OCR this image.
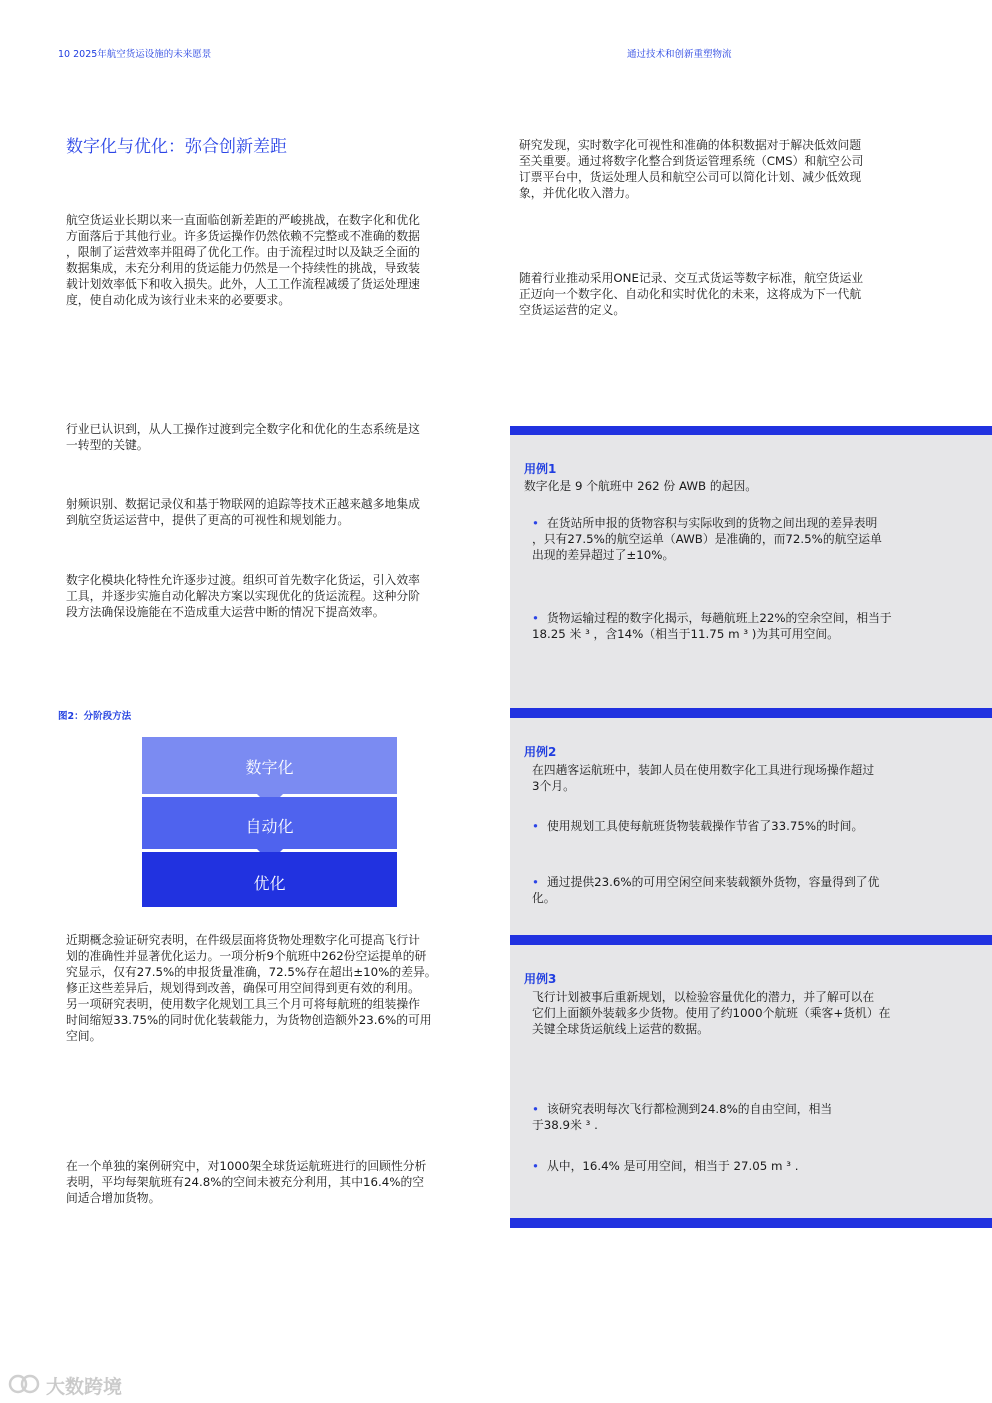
10 2025年航空货运设施的未来愿景	通过技术和创新重塑物流
数字化与优化：弥合创新差距
航空货运业长期以来一直面临创新差距的严峻挑战，在数字化和优化
方面落后于其他行业。许多货运操作仍然依赖不完整或不准确的数据
，限制了运营效率并阻碍了优化工作。由于流程过时以及缺乏全面的
数据集成，未充分利用的货运能力仍然是一个持续性的挑战，导致装
载计划效率低下和收入损失。此外，人工工作流程减缓了货运处理速
度，使自动化成为该行业未来的必要要求。
行业已认识到，从人工操作过渡到完全数字化和优化的生态系统是这
一转型的关键。
射频识别、数据记录仪和基于物联网的追踪等技术正越来越多地集成
到航空货运运营中，提供了更高的可视性和规划能力。
数字化模块化特性允许逐步过渡。组织可首先数字化货运，引入效率
工具，并逐步实施自动化解决方案以实现优化的货运流程。这种分阶
段方法确保设施能在不造成重大运营中断的情况下提高效率。
图2：分阶段方法
数字化
自动化
优化
近期概念验证研究表明，在件级层面将货物处理数字化可提高飞行计
划的准确性并显著优化运力。一项分析9个航班中262份空运提单的研
究显示，仅有27.5%的申报货量准确，72.5%存在超出±10%的差异。
修正这些差异后，规划得到改善，确保可用空间得到更有效的利用。
另一项研究表明，使用数字化规划工具三个月可将每航班的组装操作
时间缩短33.75%的同时优化装载能力，为货物创造额外23.6%的可用
空间。
在一个单独的案例研究中，对1000架全球货运航班进行的回顾性分析
表明，平均每架航班有24.8%的空间未被充分利用，其中16.4%的空
间适合增加货物。
研究发现，实时数字化可视性和准确的体积数据对于解决低效问题
至关重要。通过将数字化整合到货运管理系统（CMS）和航空公司
订票平台中，货运处理人员和航空公司可以简化计划、减少低效现
象，并优化收入潜力。
随着行业推动采用ONE记录、交互式货运等数字标准，航空货运业
正迈向一个数字化、自动化和实时优化的未来，这将成为下一代航
空货运运营的定义。
用例1
数字化是 9 个航班中 262 份 AWB 的起因。
• 在货站所申报的货物容积与实际收到的货物之间出现的差异表明
，只有27.5%的航空运单（AWB）是准确的，而72.5%的航空运单
出现的差异超过了±10%。
• 货物运输过程的数字化揭示，每趟航班上22%的空余空间，相当于
18.25 米 ³ ，含14%（相当于11.75 m ³ )为其可用空间。
用例2
在四趟客运航班中，装卸人员在使用数字化工具进行现场操作超过
3个月。
• 使用规划工具使每航班货物装载操作节省了33.75%的时间。
• 通过提供23.6%的可用空闲空间来装载额外货物，容量得到了优
化。
用例3
飞行计划被事后重新规划，以检验容量优化的潜力，并了解可以在
它们上面额外装载多少货物。使用了约1000个航班（乘客+货机）在
关键全球货运航线上运营的数据。
• 该研究表明每次飞行都检测到24.8%的自由空间，相当
于38.9米 ³ .
• 从中，16.4% 是可用空间，相当于 27.05 m ³ .
大数跨境
